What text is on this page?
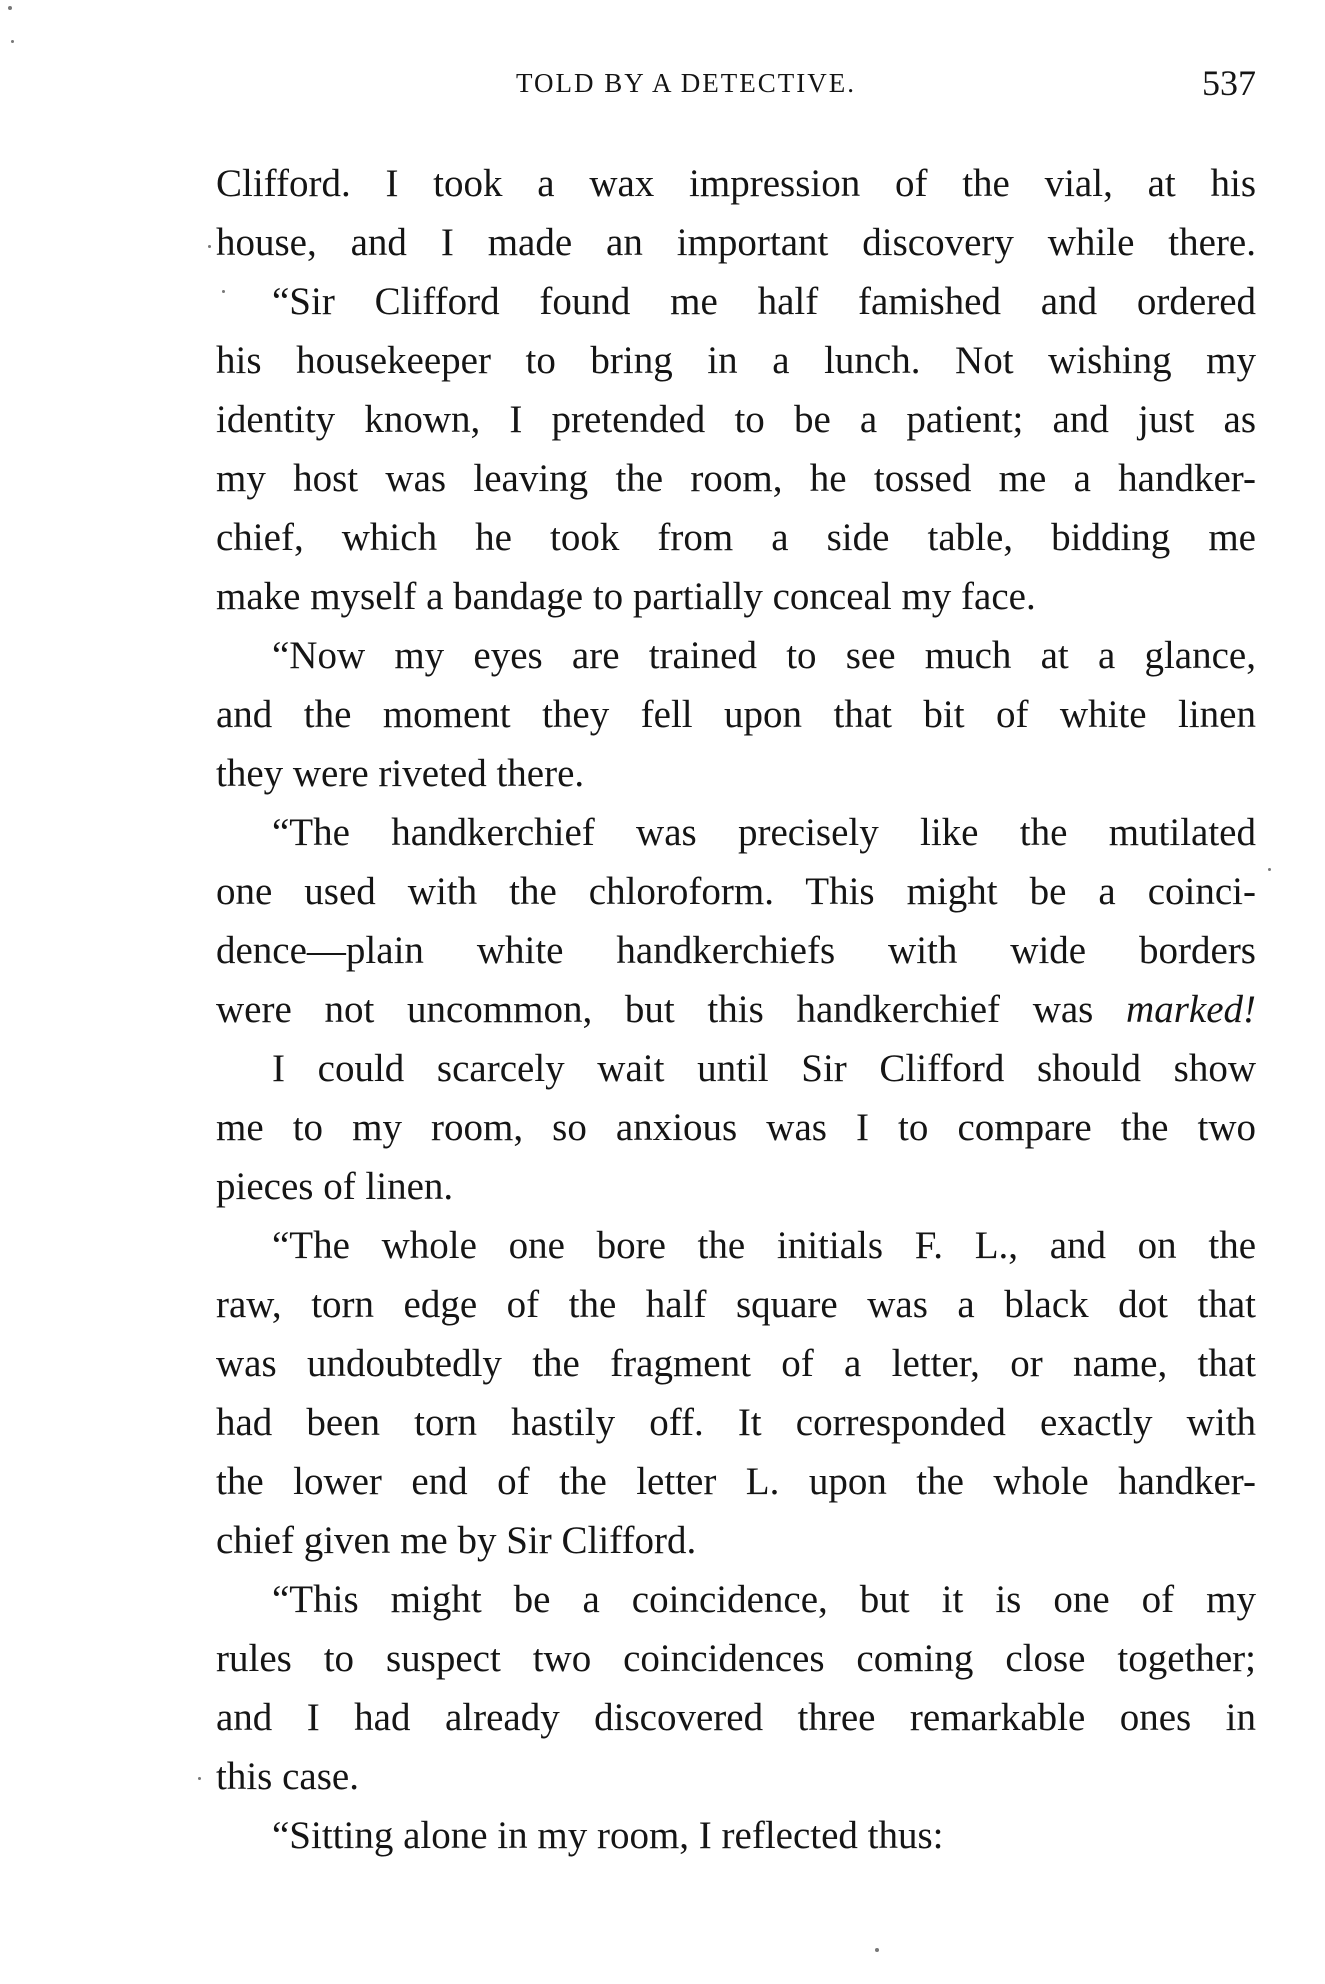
TOLD BY A DETECTIVE.	537
Clifford. I took a wax impression of the vial, at his
house, and I made an important discovery while there.
“Sir Clifford found me half famished and ordered
his housekeeper to bring in a lunch. Not wishing my
identity known, I pretended to be a patient; and just as
my host was leaving the room, he tossed me a handker-
chief, which he took from a side table, bidding me
make myself a bandage to partially conceal my face.
“Now my eyes are trained to see much at a glance,
and the moment they fell upon that bit of white linen
they were riveted there.
“The handkerchief was precisely like the mutilated
one used with the chloroform. This might be a coinci-
dence—plain white handkerchiefs with wide borders
were not uncommon, but this handkerchief was marked!
I could scarcely wait until Sir Clifford should show
me to my room, so anxious was I to compare the two
pieces of linen.
“The whole one bore the initials F. L., and on the
raw, torn edge of the half square was a black dot that
was undoubtedly the fragment of a letter, or name, that
had been torn hastily off. It corresponded exactly with
the lower end of the letter L. upon the whole handker-
chief given me by Sir Clifford.
“This might be a coincidence, but it is one of my
rules to suspect two coincidences coming close together;
and I had already discovered three remarkable ones in
this case.
“Sitting alone in my room, I reflected thus:
